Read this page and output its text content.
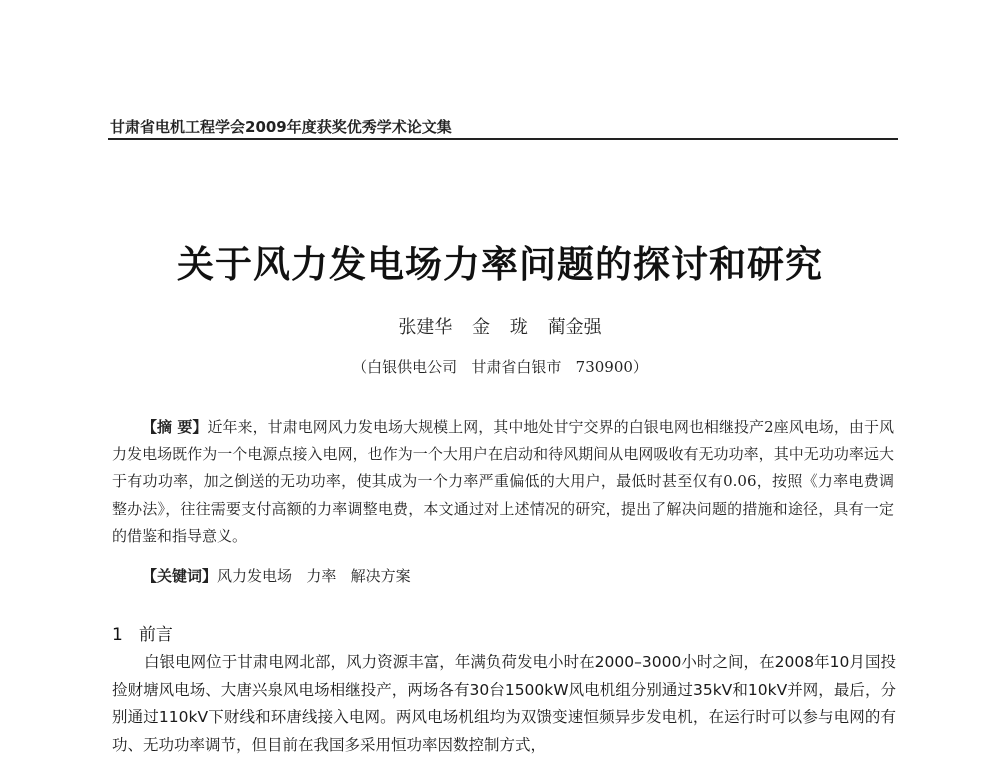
甘肃省电机工程学会2009年度获奖优秀学术论文集
关于风力发电场力率问题的探讨和研究
张建华 金 珑 蔺金强
（白银供电公司   甘肃省白银市   730900）
【摘 要】近年来，甘肃电网风力发电场大规模上网，其中地处甘宁交界的白银电网也相继投产2座风电场，由于风力发电场既作为一个电源点接入电网，也作为一个大用户在启动和待风期间从电网吸收有无功功率，其中无功功率远大于有功功率，加之倒送的无功功率，使其成为一个力率严重偏低的大用户，最低时甚至仅有0.06，按照《力率电费调整办法》，往往需要支付高额的力率调整电费，本文通过对上述情况的研究，提出了解决问题的措施和途径，具有一定的借鉴和指导意义。
【关键词】风力发电场   力率   解决方案
1 前言
白银电网位于甘肃电网北部，风力资源丰富，年满负荷发电小时在2000–3000小时之间，在2008年10月国投捡财塘风电场、大唐兴泉风电场相继投产，两场各有30台1500kW风电机组分别通过35kV和10kV并网，最后，分别通过110kV下财线和环唐线接入电网。两风电场机组均为双馈变速恒频异步发电机，在运行时可以参与电网的有功、无功功率调节，但目前在我国多采用恒功率因数控制方式，
